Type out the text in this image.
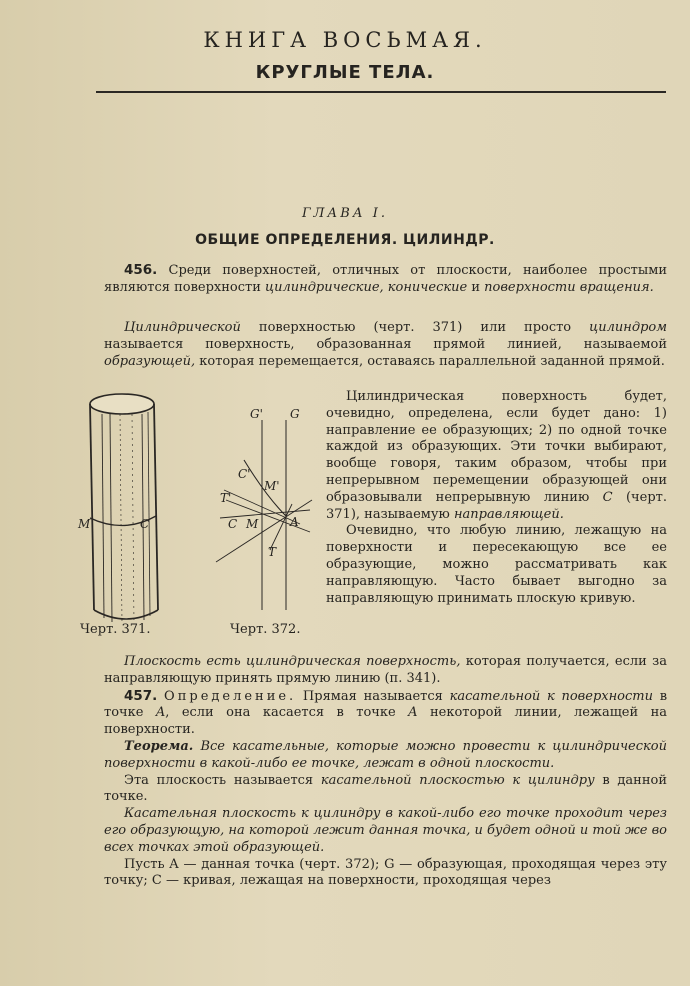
КНИГА ВОСЬМАЯ.
КРУГЛЫЕ ТЕЛА.
ГЛАВА I.
ОБЩИЕ ОПРЕДЕЛЕНИЯ. ЦИЛИНДР.

456. Среди поверхностей, отличных от плоскости, наиболее простыми являются поверхности цилиндрические, конические и поверхности вращения.

Цилиндрической поверхностью (черт. 371) или просто цилиндром называется поверхность, образованная прямой линией, называемой образующей, которая перемещается, оставаясь параллельной заданной прямой.

Цилиндрическая поверхность будет, очевидно, определена, если будет дано: 1) направление ее образующих; 2) по одной точке каждой из образующих. Эти точки выбирают, вообще говоря, таким образом, чтобы при непрерывном перемещении образующей они образовывали непрерывную линию C (черт. 371), называемую направляющей.

Очевидно, что любую линию, лежащую на поверхности и пересекающую все ее образующие, можно рассматривать как направляющую. Часто бывает выгодно за направляющую принимать плоскую кривую.

M	C
G' G
C'
T'
M'
C M	A
T
Черт. 371.	Черт. 372.

Плоскость есть цилиндрическая поверхность, которая получается, если за направляющую принять прямую линию (п. 341).

457. Определение. Прямая называется касательной к поверхности в точке A, если она касается в точке A некоторой линии, лежащей на поверхности.

Теорема. Все касательные, которые можно провести к цилиндрической поверхности в какой-либо ее точке, лежат в одной плоскости.

Эта плоскость называется касательной плоскостью к цилиндру в данной точке.

Касательная плоскость к цилиндру в какой-либо его точке проходит через его образующую, на которой лежит данная точка, и будет одной и той же во всех точках этой образующей.

Пусть A — данная точка (черт. 372); G — образующая, проходящая через эту точку; C — кривая, лежащая на поверхности, проходящая через
